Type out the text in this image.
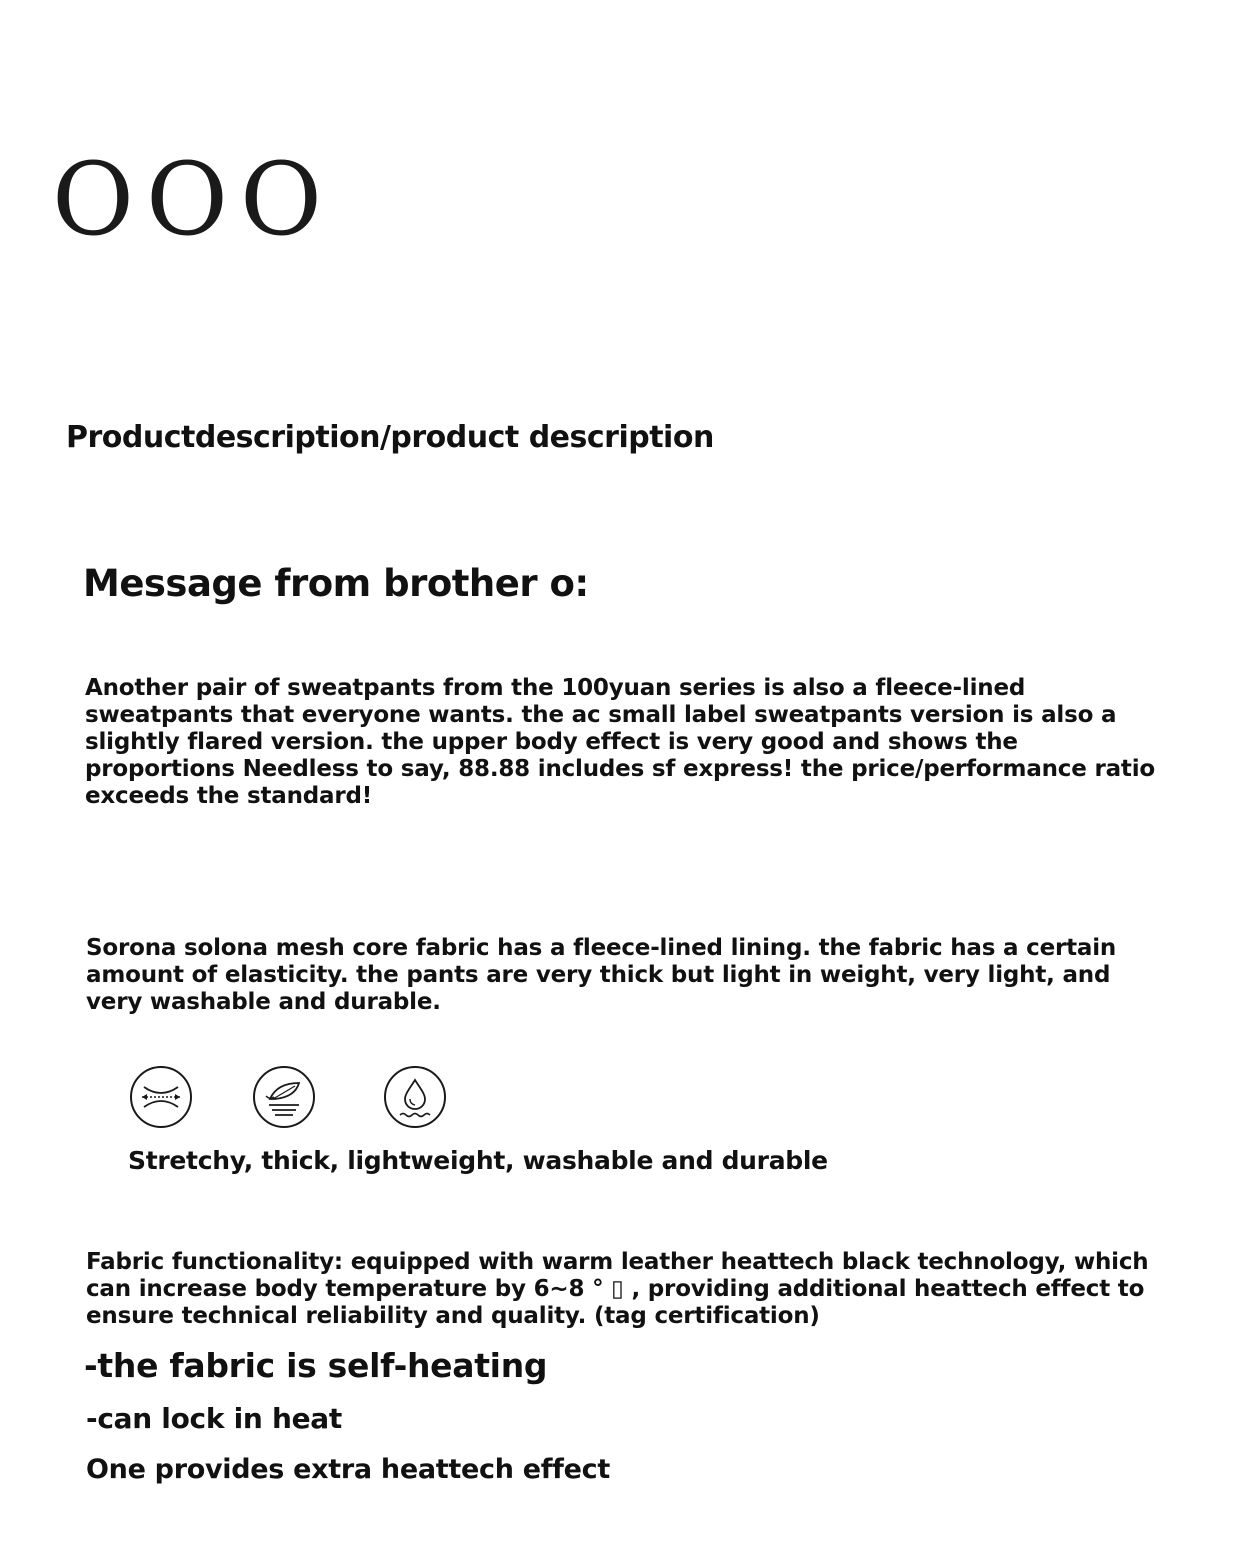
OOO
Productdescription/product description
Message from brother o:

Another pair of sweatpants from the 100yuan series is also a fleece-lined sweatpants that everyone wants. the ac small label sweatpants version is also a slightly flared version. the upper body effect is very good and shows the proportions Needless to say, 88.88 includes sf express! the price/performance ratio exceeds the standard!

Sorona solona mesh core fabric has a fleece-lined lining. the fabric has a certain amount of elasticity. the pants are very thick but light in weight, very light, and very washable and durable.

Stretchy, thick, lightweight, washable and durable

Fabric functionality: equipped with warm leather heattech black technology, which can increase body temperature by 6~8 ° ▯ , providing additional heattech effect to ensure technical reliability and quality. (tag certification)

-the fabric is self-heating

-can lock in heat

One provides extra heattech effect
